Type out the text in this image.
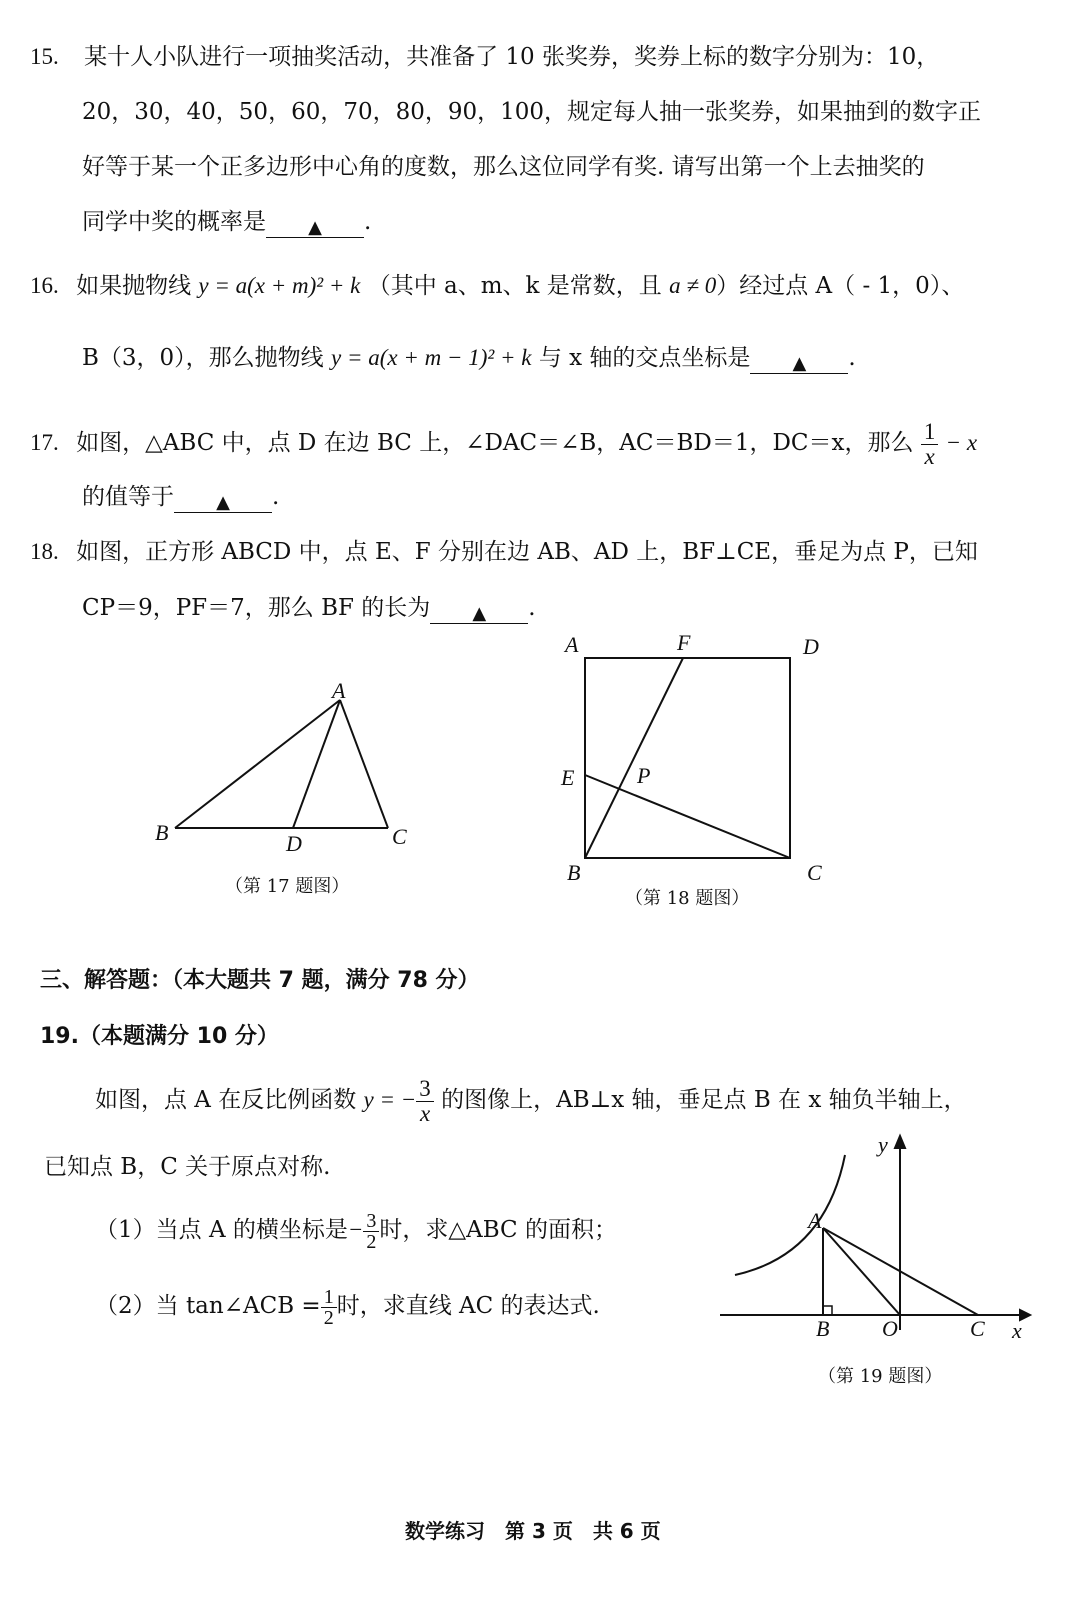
15. 某十人小队进行一项抽奖活动，共准备了 10 张奖券，奖券上标的数字分别为：10，
20，30，40，50，60，70，80，90，100，规定每人抽一张奖券，如果抽到的数字正
好等于某一个正多边形中心角的度数，那么这位同学有奖. 请写出第一个上去抽奖的
同学中奖的概率是 ▲ .
16. 如果抛物线 y = a(x + m)² + k （其中 a、m、k 是常数，且 a ≠ 0）经过点 A（ - 1，0）、
B（3，0），那么抛物线 y = a(x + m − 1)² + k 与 x 轴的交点坐标是 ▲ .
17. 如图，△ABC 中，点 D 在边 BC 上，∠DAC＝∠B，AC＝BD＝1，DC＝x，那么 $\frac{1}{x} - x$
的值等于 ▲ .
18. 如图，正方形 ABCD 中，点 E、F 分别在边 AB、AD 上，BF⊥CE，垂足为点 P，已知
CP＝9，PF＝7，那么 BF 的长为 ▲ .
A
B	C
D
（第 17 题图）
A	F	D
E	P
B	C
（第 18 题图）
三、解答题：（本大题共 7 题，满分 78 分）
19.（本题满分 10 分）
如图，点 A 在反比例函数 y = − $\frac{3}{x}$ 的图像上，AB⊥x 轴，垂足点 B 在 x 轴负半轴上，
已知点 B，C 关于原点对称.
（1）当点 A 的横坐标是− $\frac{3}{2}$ 时，求△ABC 的面积；
（2）当 tan∠ACB = $\frac{1}{2}$ 时，求直线 AC 的表达式.
A
B O	C x
y
（第 19 题图）
数学练习　第 3 页　共 6 页
